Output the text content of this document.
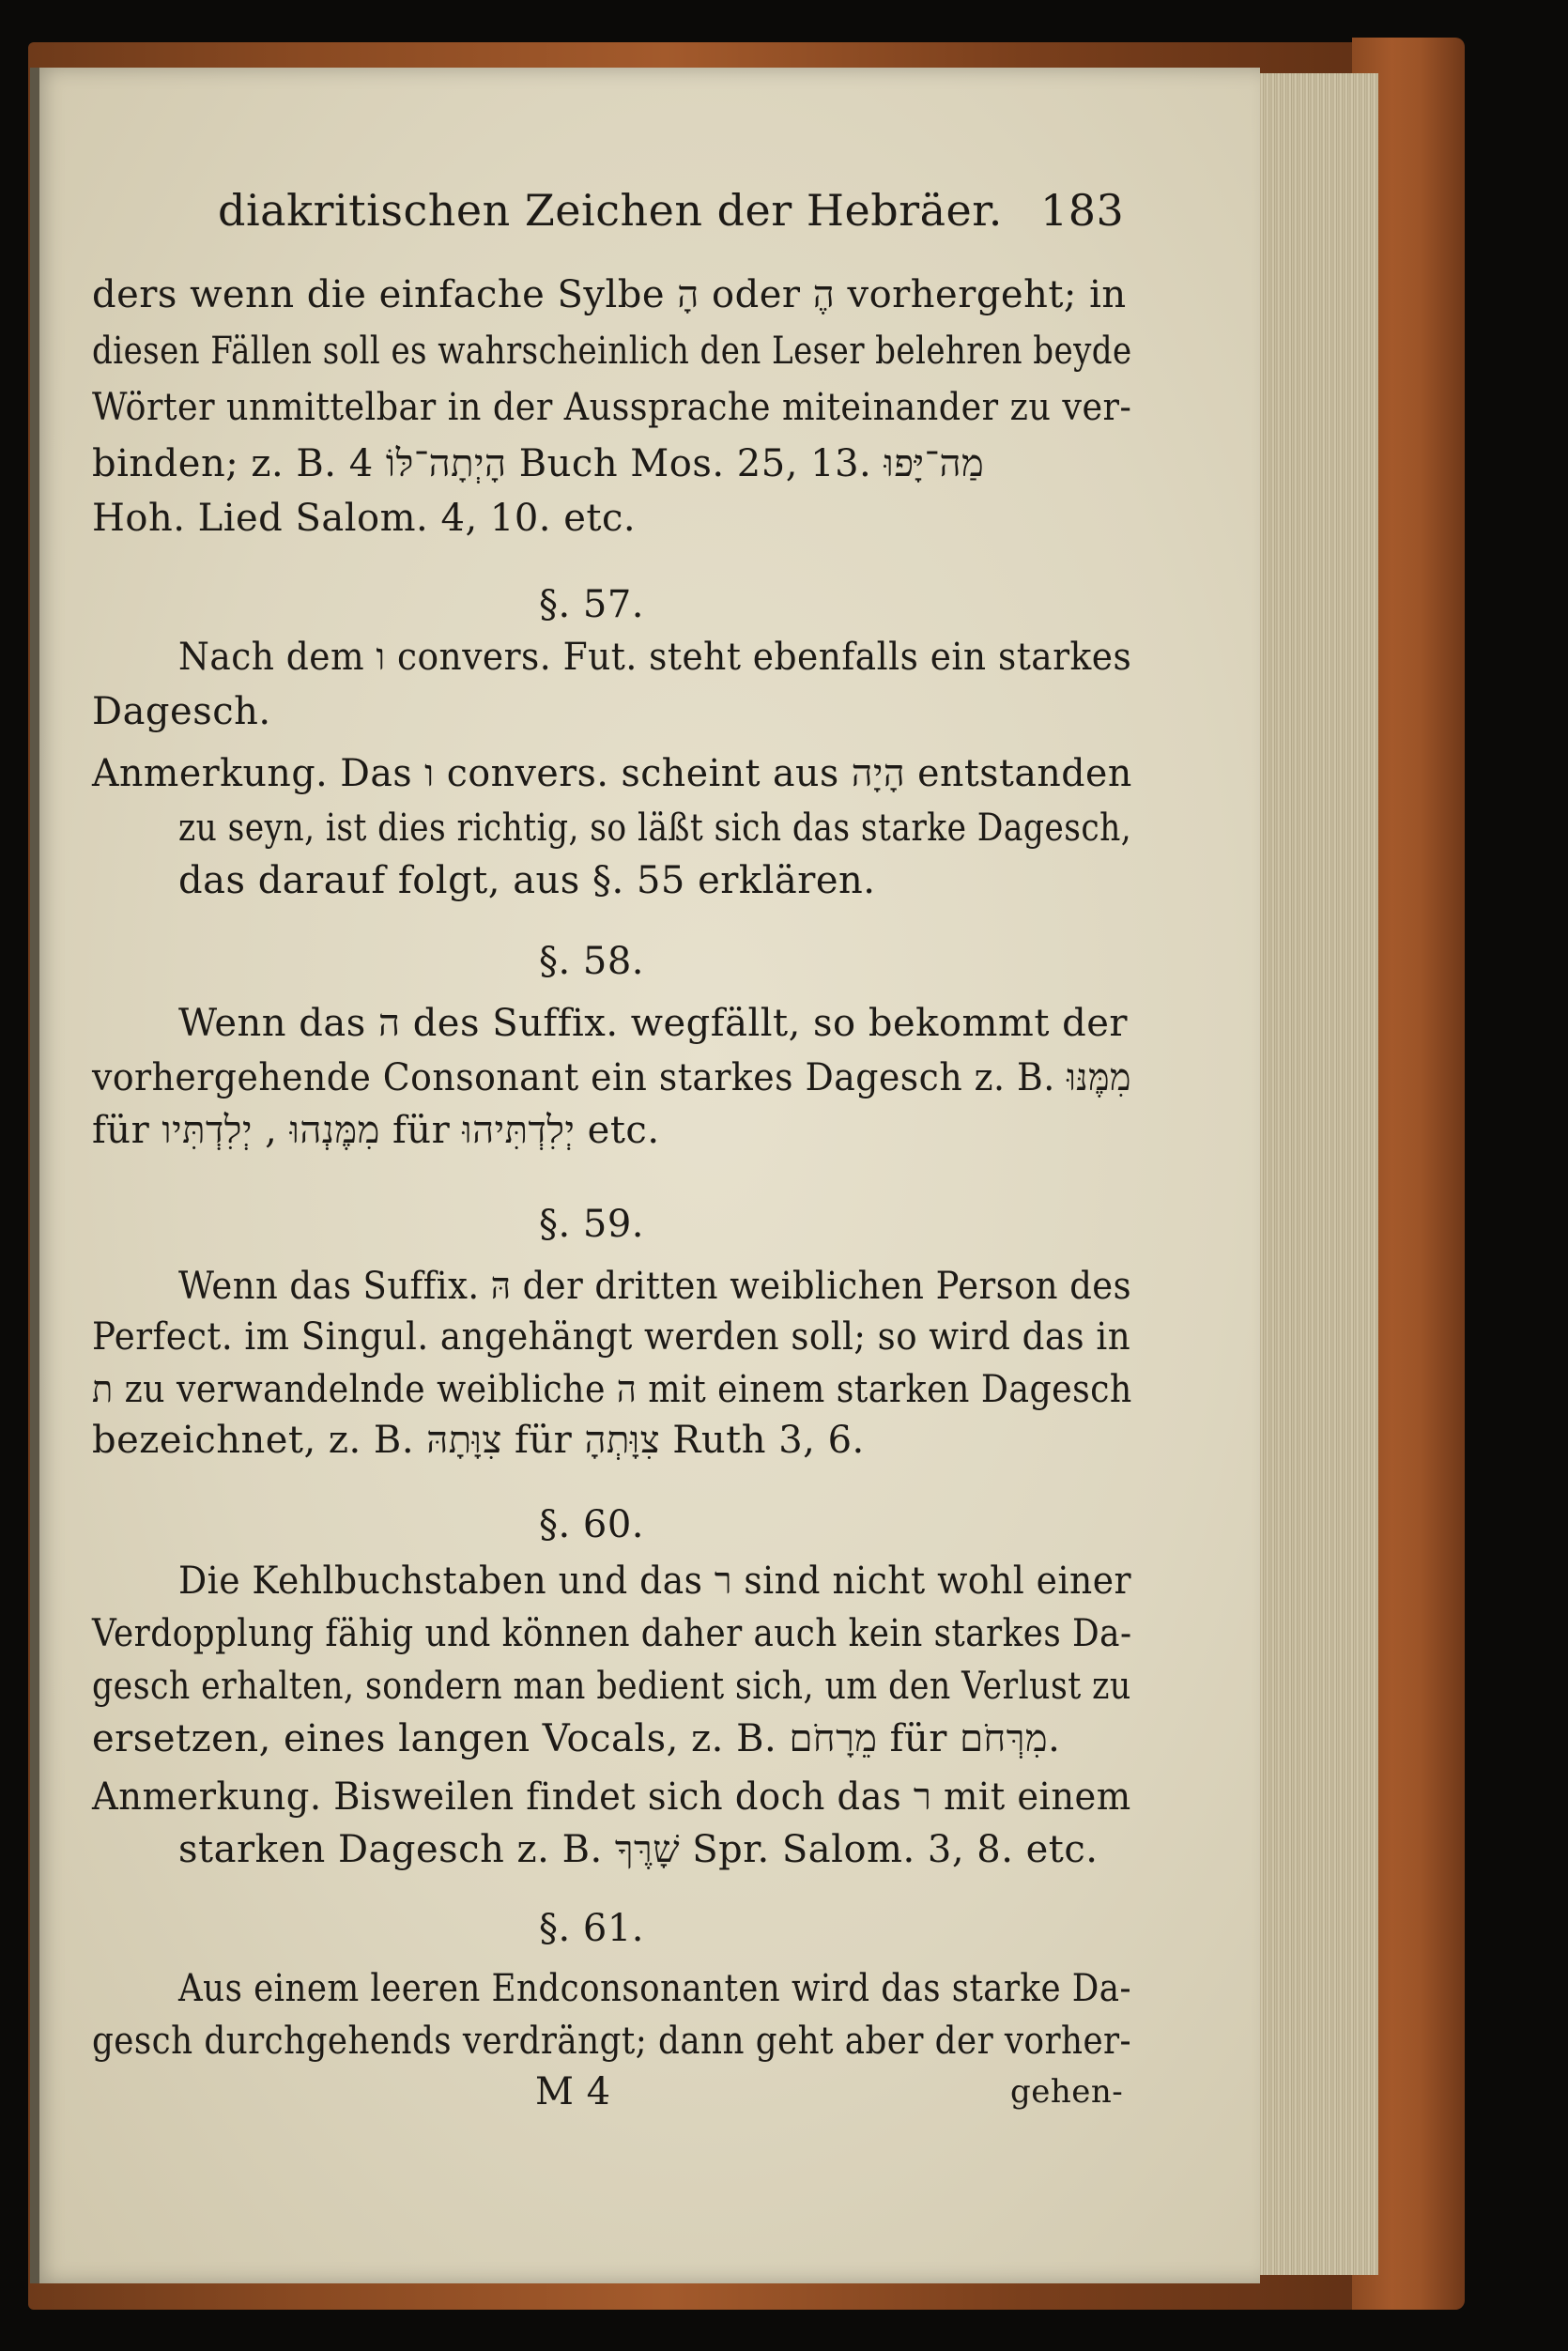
diakritischen Zeichen der Hebräer. 183
ders wenn die einfache Sylbe הָ oder הֶ vorhergeht; in
diesen Fällen soll es wahrscheinlich den Leser belehren beyde
Wörter unmittelbar in der Aussprache miteinander zu ver-
binden; z. B. הָיְתָה־לּוֹ 4 Buch Mos. 25, 13. מַה־יָּפוּ
Hoh. Lied Salom. 4, 10. etc.
§. 57.
Nach dem ו convers. Fut. steht ebenfalls ein starkes
Dagesch.
Anmerkung. Das ו convers. scheint aus הָיָה entstanden
zu seyn, ist dies richtig, so läßt sich das starke Dagesch,
das darauf folgt, aus §. 55 erklären.
§. 58.
Wenn das ה des Suffix. wegfällt, so bekommt der
vorhergehende Consonant ein starkes Dagesch z. B. מִמֶּנּוּ
für מִמֶּנְהוּ , יְלִדְתִּיו für יְלִדְתִּיהוּ etc.
§. 59.
Wenn das Suffix. הּ der dritten weiblichen Person des
Perfect. im Singul. angehängt werden soll; so wird das in
ת zu verwandelnde weibliche ה mit einem starken Dagesch
bezeichnet, z. B. צִוָּתָהּ für צִוָּתְהָ Ruth 3, 6.
§. 60.
Die Kehlbuchstaben und das ר sind nicht wohl einer
Verdopplung fähig und können daher auch kein starkes Da-
gesch erhalten, sondern man bedient sich, um den Verlust zu
ersetzen, eines langen Vocals, z. B. מֵרָחֹם für מִרְּחֹם.
Anmerkung. Bisweilen findet sich doch das ר mit einem
starken Dagesch z. B. שָׁרֶּךָ Spr. Salom. 3, 8. etc.
§. 61.
Aus einem leeren Endconsonanten wird das starke Da-
gesch durchgehends verdrängt; dann geht aber der vorher-
M 4	gehen-
